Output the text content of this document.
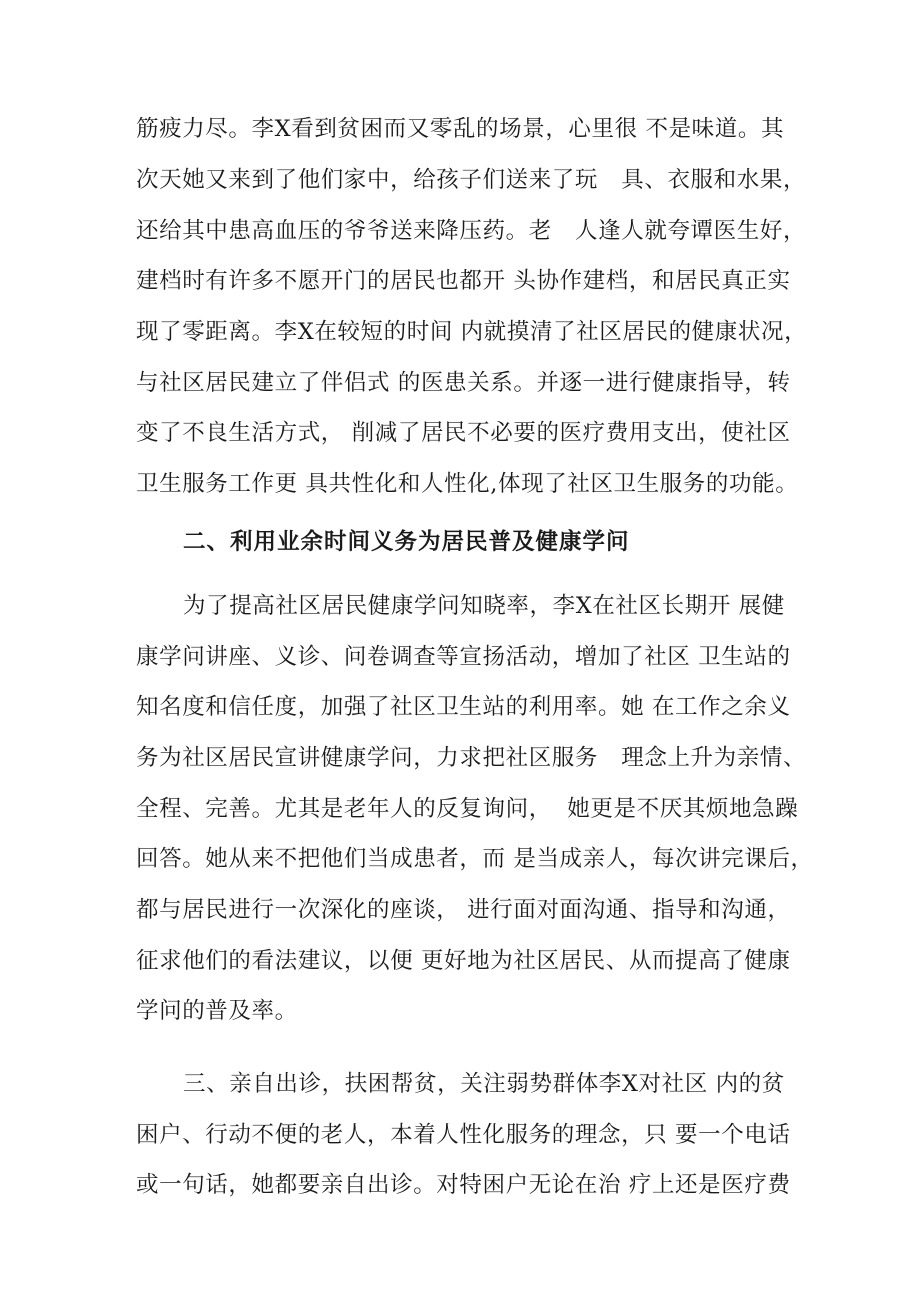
筋疲力尽。李X看到贫困而又零乱的场景，心里很 不是味道。其
次天她又来到了他们家中，给孩子们送来了玩   具、衣服和水果，
还给其中患高血压的爷爷送来降压药。老   人逢人就夸谭医生好，
建档时有许多不愿开门的居民也都开 头协作建档，和居民真正实
现了零距离。李X在较短的时间 内就摸清了社区居民的健康状况，
与社区居民建立了伴侣式 的医患关系。并逐一进行健康指导，转
变了不良生活方式， 削减了居民不必要的医疗费用支出，使社区
卫生服务工作更 具共性化和人性化,体现了社区卫生服务的功能。
二、利用业余时间义务为居民普及健康学问
为了提高社区居民健康学问知晓率，李X在社区长期开 展健
康学问讲座、义诊、问卷调查等宣扬活动，增加了社区 卫生站的
知名度和信任度，加强了社区卫生站的利用率。她 在工作之余义
务为社区居民宣讲健康学问，力求把社区服务   理念上升为亲情、
全程、完善。尤其是老年人的反复询问，  她更是不厌其烦地急躁
回答。她从来不把他们当成患者，而 是当成亲人，每次讲完课后，
都与居民进行一次深化的座谈， 进行面对面沟通、指导和沟通，
征求他们的看法建议，以便 更好地为社区居民、从而提高了健康
学问的普及率。
三、亲自出诊，扶困帮贫，关注弱势群体李X对社区 内的贫
困户、行动不便的老人，本着人性化服务的理念，只 要一个电话
或一句话，她都要亲自出诊。对特困户无论在治 疗上还是医疗费
